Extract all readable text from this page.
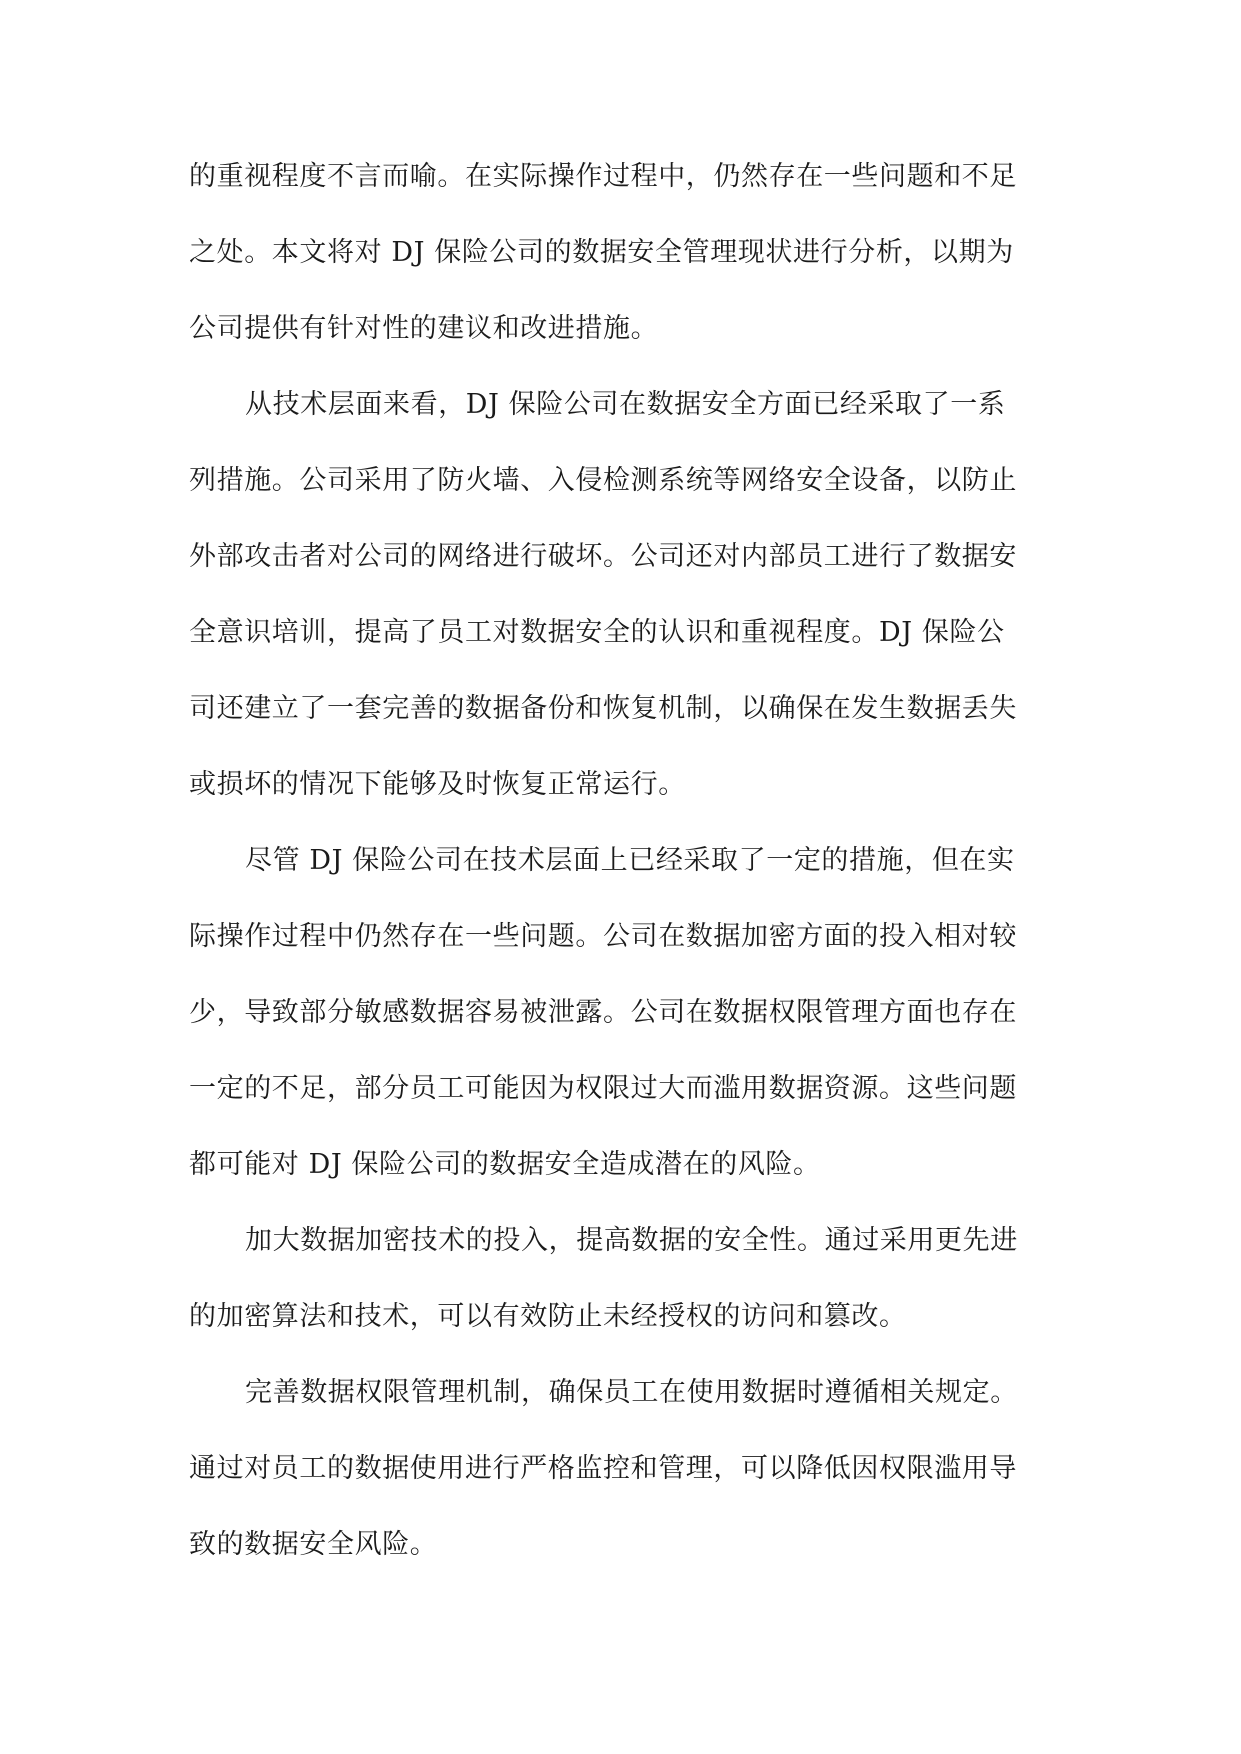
的重视程度不言而喻。在实际操作过程中，仍然存在一些问题和不足
之处。本文将对 DJ 保险公司的数据安全管理现状进行分析，以期为
公司提供有针对性的建议和改进措施。
从技术层面来看，DJ 保险公司在数据安全方面已经采取了一系
列措施。公司采用了防火墙、入侵检测系统等网络安全设备，以防止
外部攻击者对公司的网络进行破坏。公司还对内部员工进行了数据安
全意识培训，提高了员工对数据安全的认识和重视程度。DJ 保险公
司还建立了一套完善的数据备份和恢复机制，以确保在发生数据丢失
或损坏的情况下能够及时恢复正常运行。
尽管 DJ 保险公司在技术层面上已经采取了一定的措施，但在实
际操作过程中仍然存在一些问题。公司在数据加密方面的投入相对较
少，导致部分敏感数据容易被泄露。公司在数据权限管理方面也存在
一定的不足，部分员工可能因为权限过大而滥用数据资源。这些问题
都可能对 DJ 保险公司的数据安全造成潜在的风险。
加大数据加密技术的投入，提高数据的安全性。通过采用更先进
的加密算法和技术，可以有效防止未经授权的访问和篡改。
完善数据权限管理机制，确保员工在使用数据时遵循相关规定。
通过对员工的数据使用进行严格监控和管理，可以降低因权限滥用导
致的数据安全风险。
